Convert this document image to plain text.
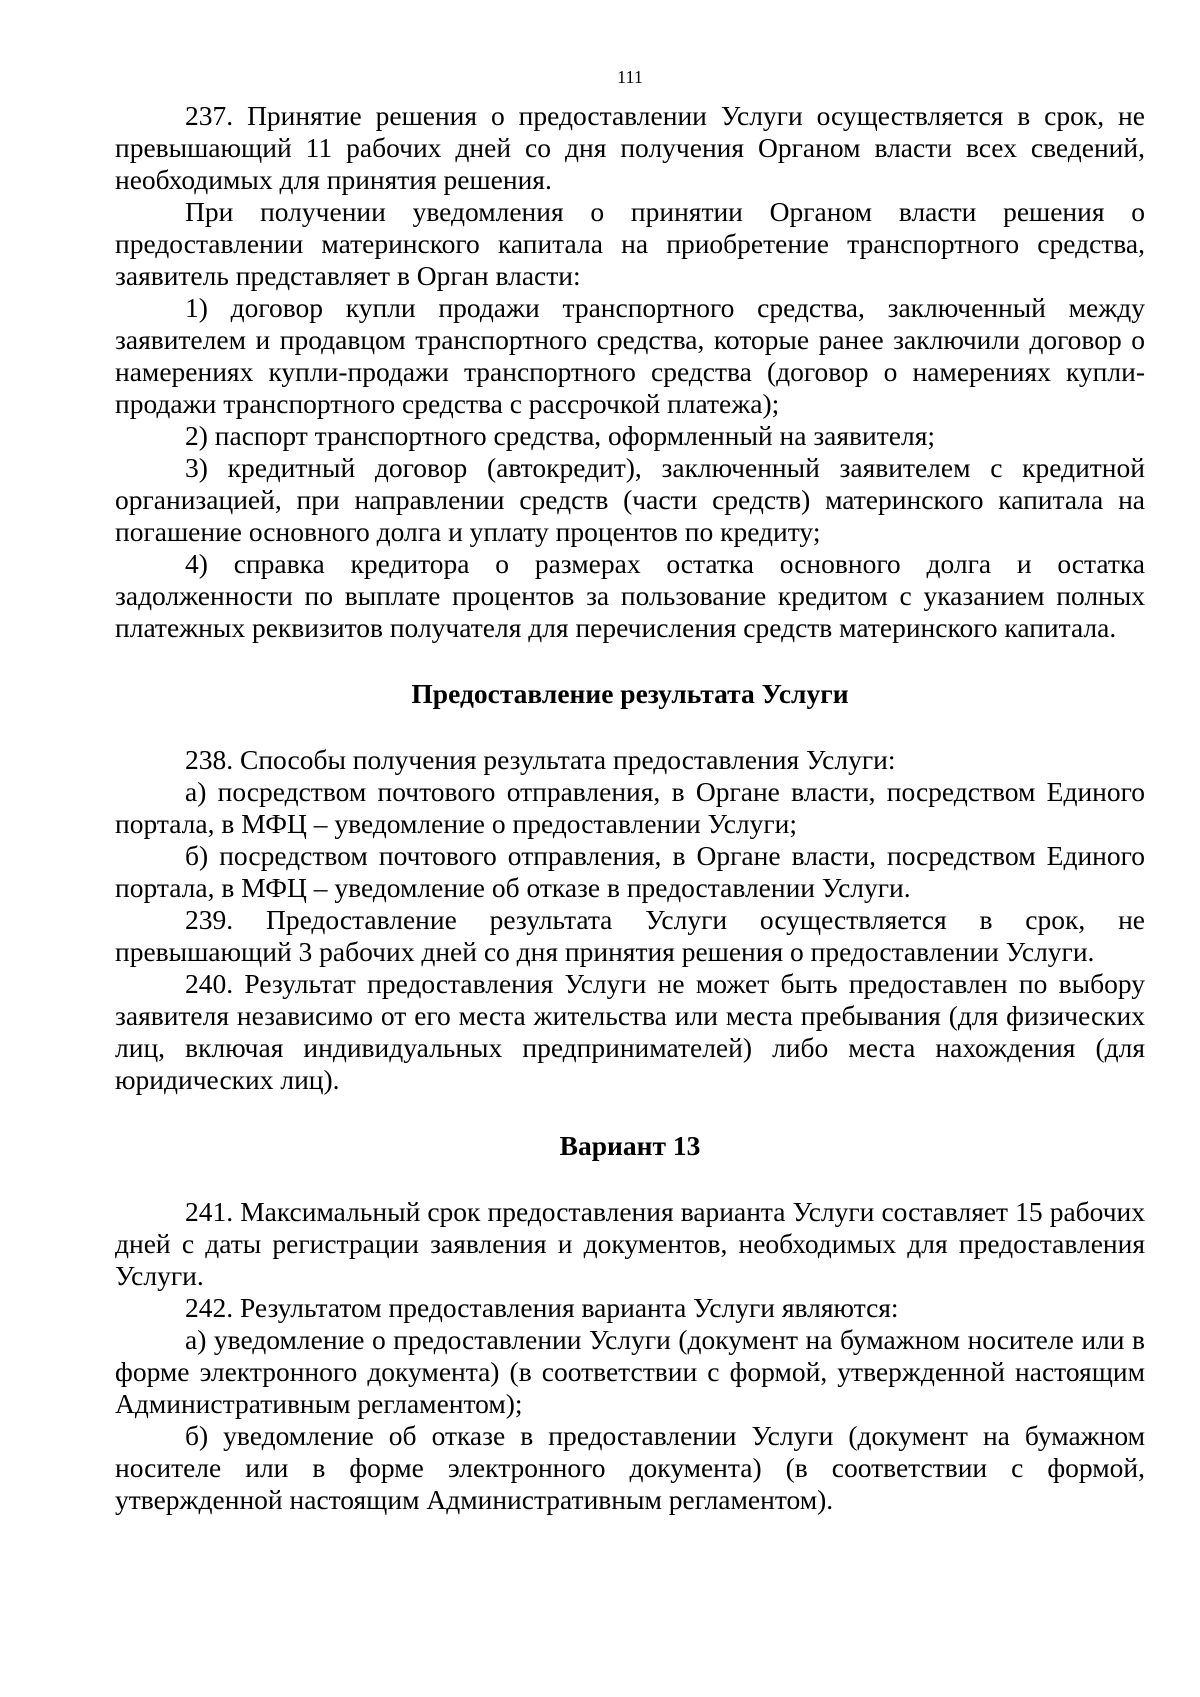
111

237. Принятие решения о предоставлении Услуги осуществляется в срок, не превышающий 11 рабочих дней со дня получения Органом власти всех сведений, необходимых для принятия решения.

При получении уведомления о принятии Органом власти решения о предоставлении материнского капитала на приобретение транспортного средства, заявитель представляет в Орган власти:

1) договор купли продажи транспортного средства, заключенный между заявителем и продавцом транспортного средства, которые ранее заключили договор о намерениях купли-продажи транспортного средства (договор о намерениях купли-продажи транспортного средства с рассрочкой платежа);

2) паспорт транспортного средства, оформленный на заявителя;

3) кредитный договор (автокредит), заключенный заявителем с кредитной организацией, при направлении средств (части средств) материнского капитала на погашение основного долга и уплату процентов по кредиту;

4) справка кредитора о размерах остатка основного долга и остатка задолженности по выплате процентов за пользование кредитом с указанием полных платежных реквизитов получателя для перечисления средств материнского капитала.

Предоставление результата Услуги

238. Способы получения результата предоставления Услуги:

а) посредством почтового отправления, в Органе власти, посредством Единого портала, в МФЦ – уведомление о предоставлении Услуги;

б) посредством почтового отправления, в Органе власти, посредством Единого портала, в МФЦ – уведомление об отказе в предоставлении Услуги.

239. Предоставление результата Услуги осуществляется в срок, не превышающий 3 рабочих дней со дня принятия решения о предоставлении Услуги.

240. Результат предоставления Услуги не может быть предоставлен по выбору заявителя независимо от его места жительства или места пребывания (для физических лиц, включая индивидуальных предпринимателей) либо места нахождения (для юридических лиц).

Вариант 13

241. Максимальный срок предоставления варианта Услуги составляет 15 рабочих дней с даты регистрации заявления и документов, необходимых для предоставления Услуги.

242. Результатом предоставления варианта Услуги являются:

а) уведомление о предоставлении Услуги (документ на бумажном носителе или в форме электронного документа) (в соответствии с формой, утвержденной настоящим Административным регламентом);

б) уведомление об отказе в предоставлении Услуги (документ на бумажном носителе или в форме электронного документа) (в соответствии с формой, утвержденной настоящим Административным регламентом).
